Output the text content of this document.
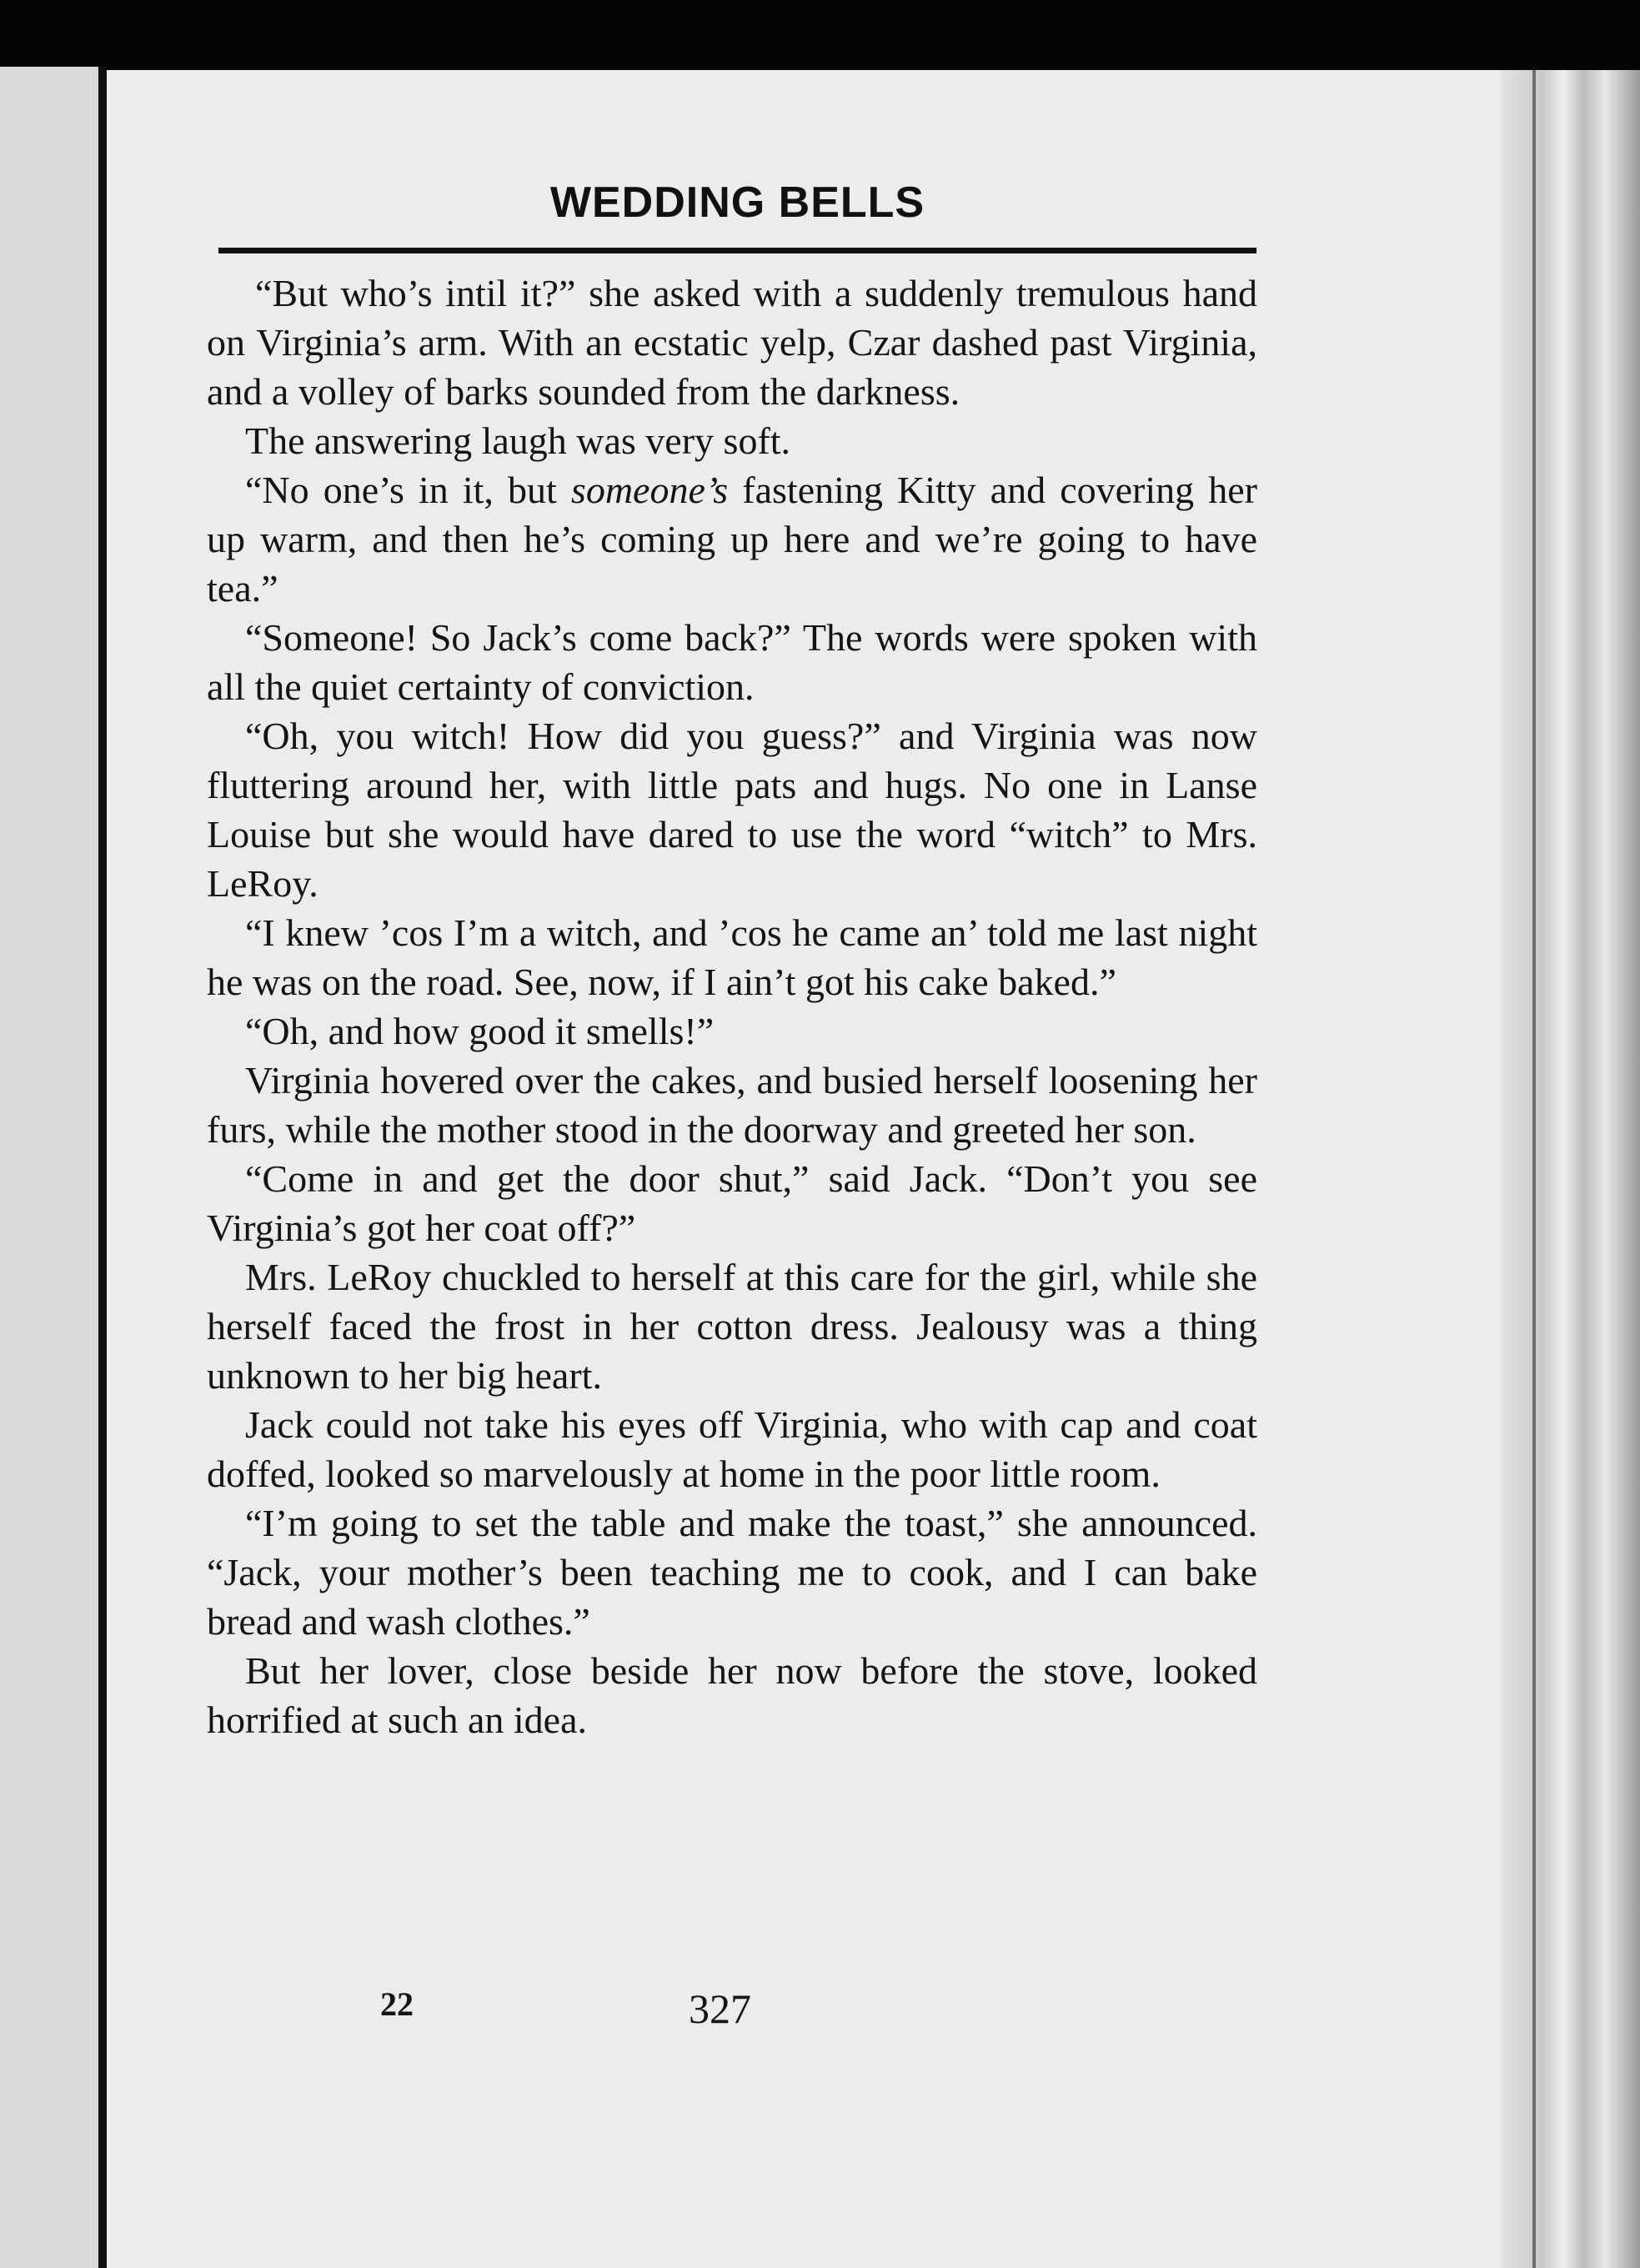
WEDDING BELLS

“But who’s intil it?” she asked with a suddenly tremulous hand on Virginia’s arm. With an ecstatic yelp, Czar dashed past Virginia, and a volley of barks sounded from the darkness.

The answering laugh was very soft.

“No one’s in it, but someone’s fastening Kitty and covering her up warm, and then he’s coming up here and we’re going to have tea.”

“Someone! So Jack’s come back?” The words were spoken with all the quiet certainty of conviction.

“Oh, you witch! How did you guess?” and Virginia was now fluttering around her, with little pats and hugs. No one in Lanse Louise but she would have dared to use the word “witch” to Mrs. LeRoy.

“I knew ’cos I’m a witch, and ’cos he came an’ told me last night he was on the road. See, now, if I ain’t got his cake baked.”

“Oh, and how good it smells!”

Virginia hovered over the cakes, and busied herself loosening her furs, while the mother stood in the doorway and greeted her son.

“Come in and get the door shut,” said Jack. “Don’t you see Virginia’s got her coat off?”

Mrs. LeRoy chuckled to herself at this care for the girl, while she herself faced the frost in her cotton dress. Jealousy was a thing unknown to her big heart.

Jack could not take his eyes off Virginia, who with cap and coat doffed, looked so marvelously at home in the poor little room.

“I’m going to set the table and make the toast,” she announced. “Jack, your mother’s been teaching me to cook, and I can bake bread and wash clothes.”

But her lover, close beside her now before the stove, looked horrified at such an idea.

22	327
